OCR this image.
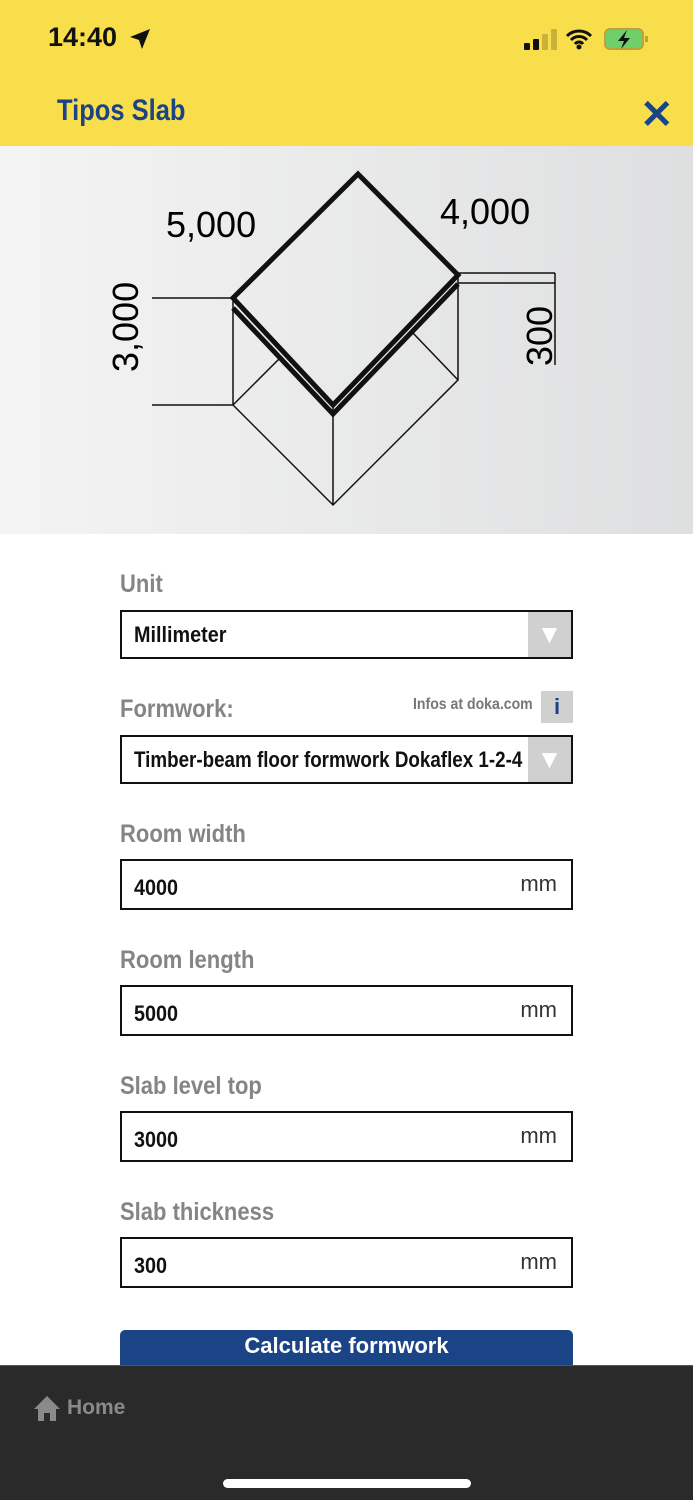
14:40
Tipos Slab	✕
5,000	4,000
3,000	300
Unit
Millimeter	▼
Formwork:	Infos at doka.com i
Timber-beam floor formwork Dokaflex 1-2-4 ▼
Room width
4000	mm
Room length
5000	mm
Slab level top
3000	mm
Slab thickness
300	mm
Calculate formwork
Home
